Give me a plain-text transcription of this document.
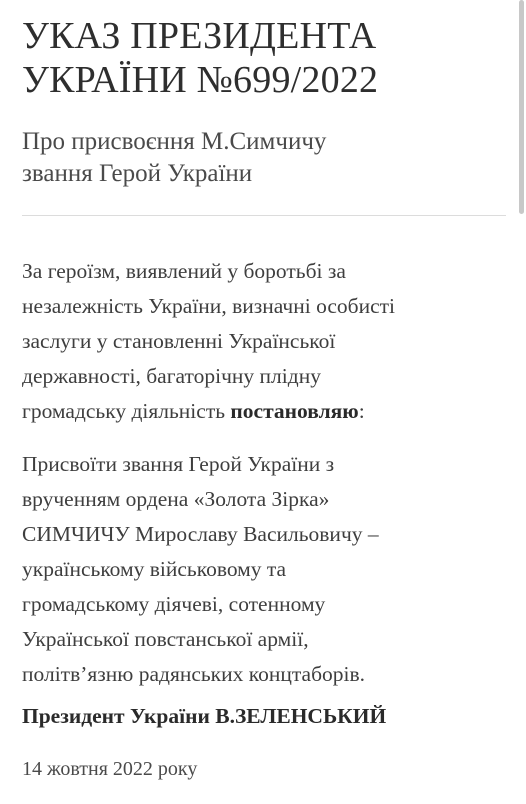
УКАЗ ПРЕЗИДЕНТА
УКРАЇНИ №699/2022
Про присвоєння М.Симчичу
звання Герой України

За героїзм, виявлений у боротьбі за
незалежність України, визначні особисті
заслуги у становленні Української
державності, багаторічну плідну
громадську діяльність постановляю:

Присвоїти звання Герой України з
врученням ордена «Золота Зірка»
СИМЧИЧУ Мирославу Васильовичу –
українському військовому та
громадському діячеві, сотенному
Української повстанської армії,
політв’язню радянських концтаборів.

Президент України В.ЗЕЛЕНСЬКИЙ

14 жовтня 2022 року
